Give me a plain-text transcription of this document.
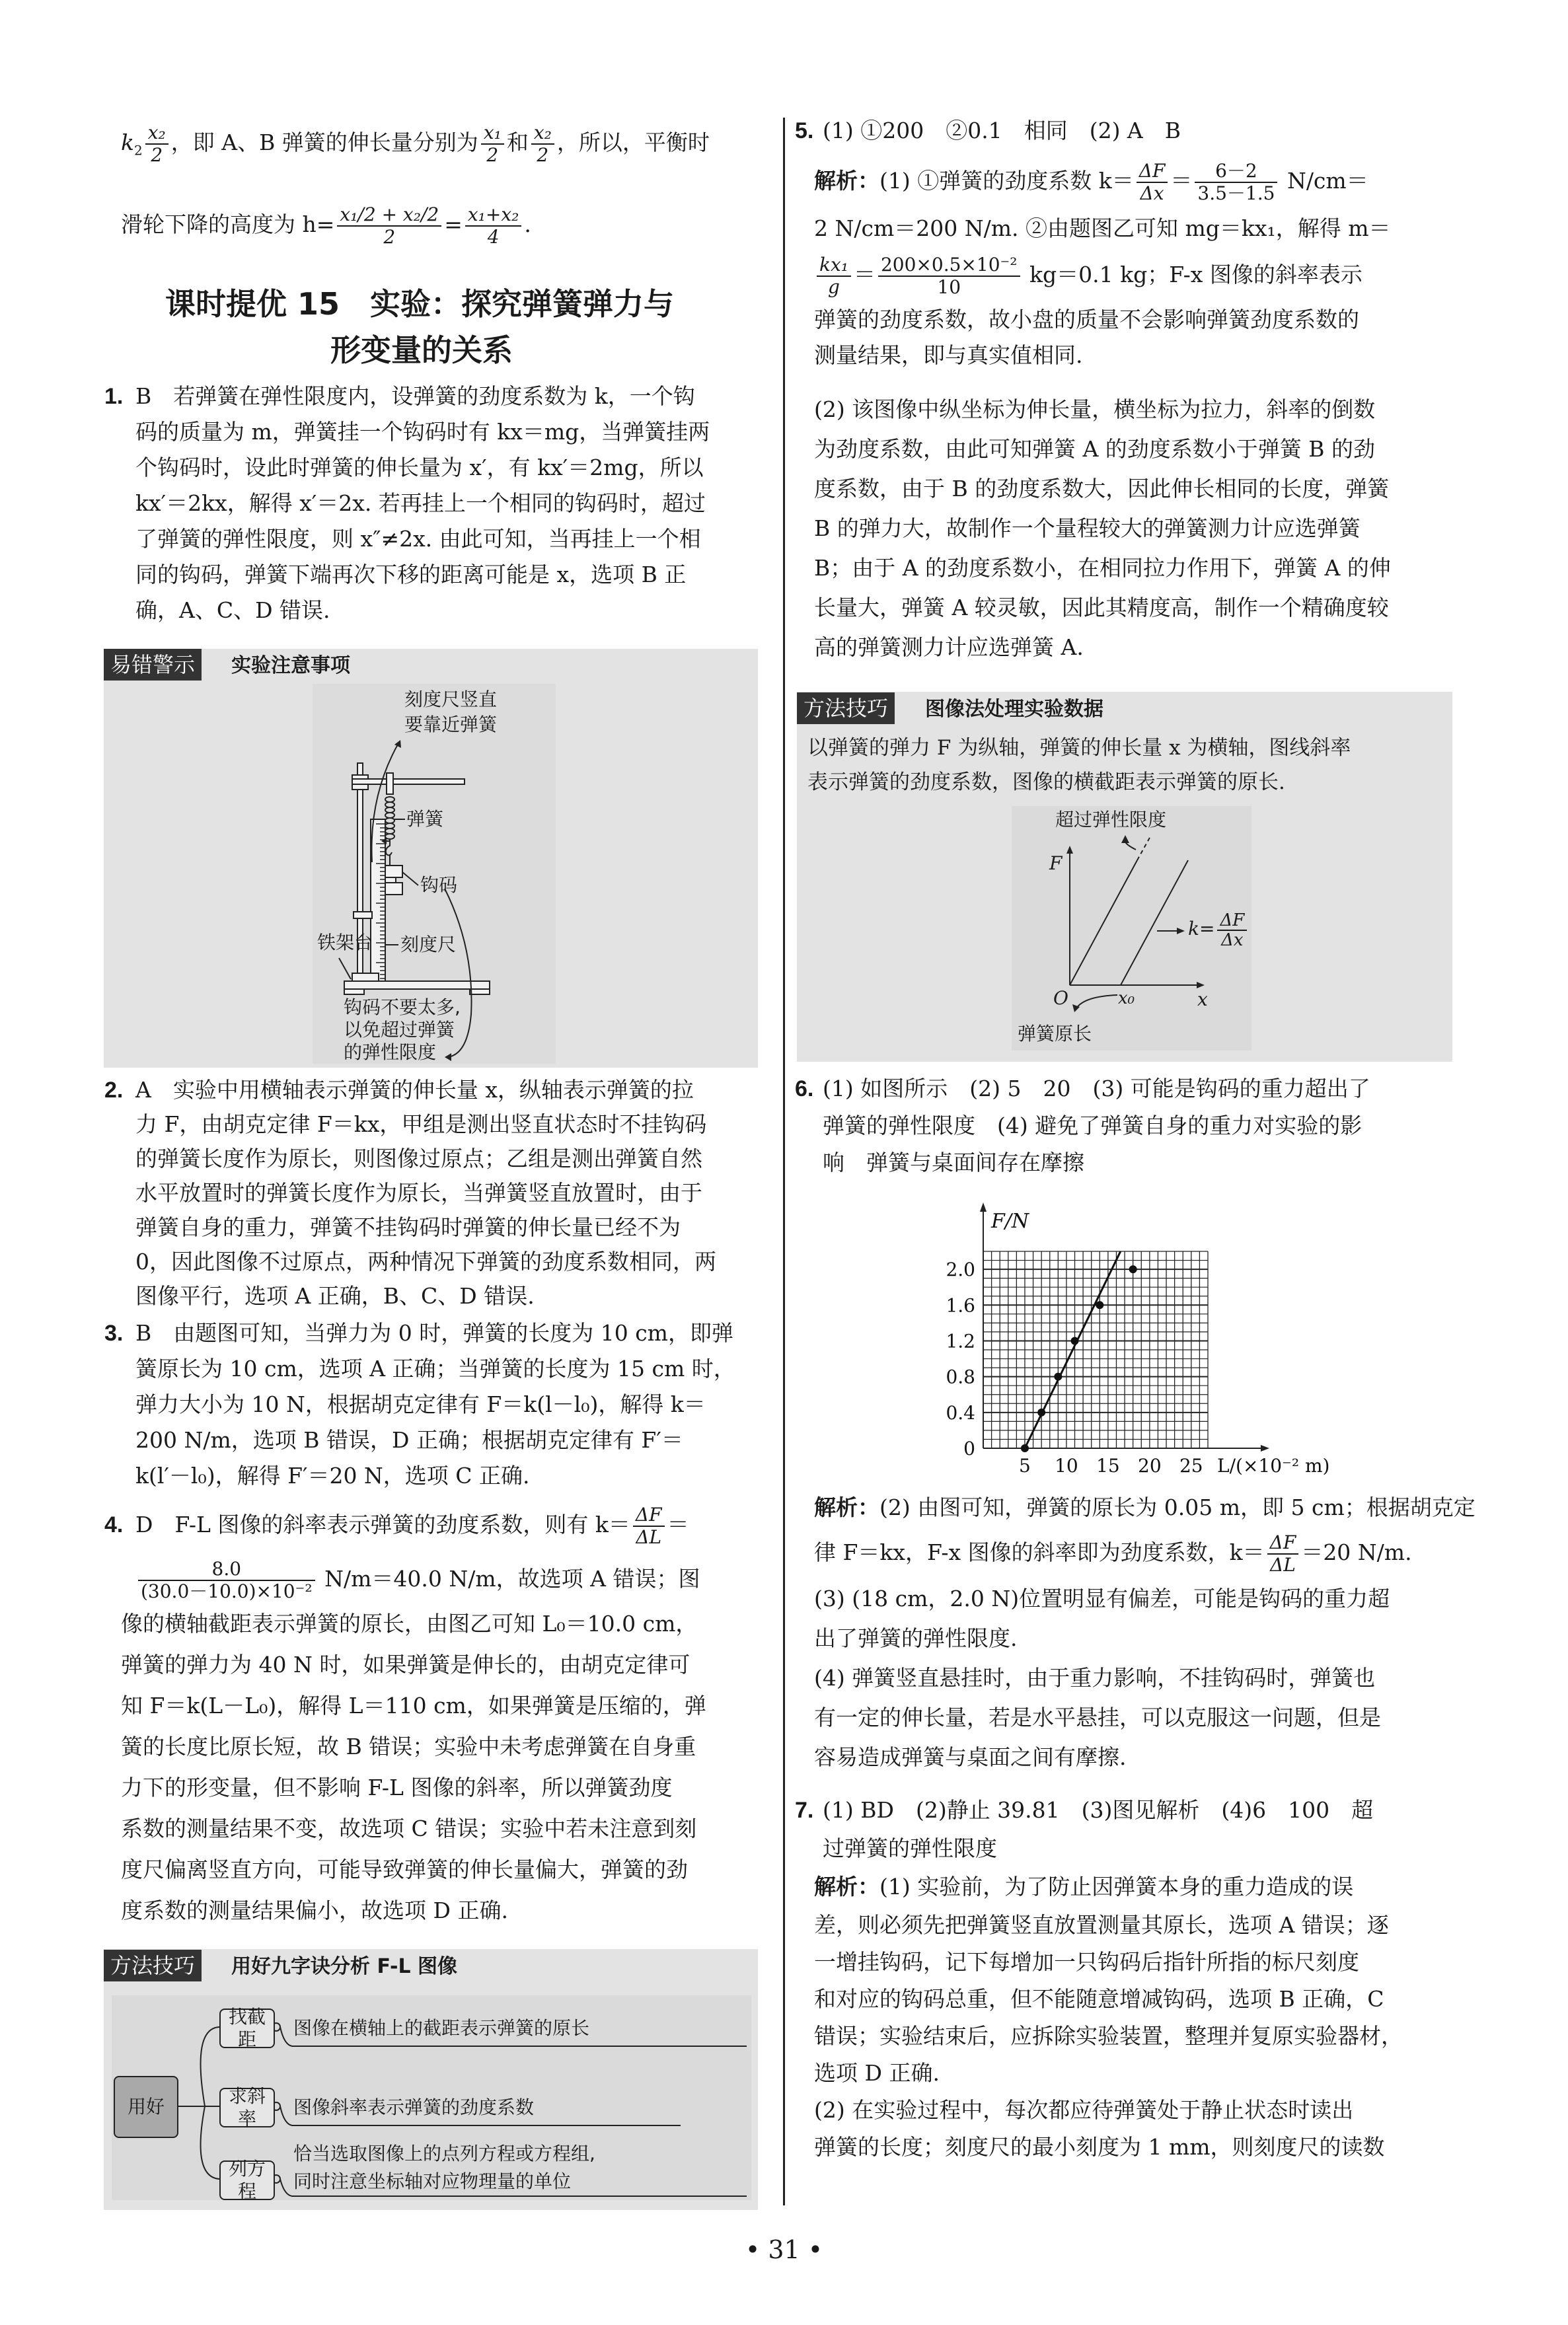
$k_2 \frac{\text{x₂}}{2}$ ，即 A、B 弹簧的伸长量分别为 $\frac{\text{x₁}}{2}$ 和 $\frac{\text{x₂}}{2}$ ，所以，平衡时
滑轮下降的高度为 $h= \frac{\text{x₁/2 + x₂/2}}{2} = \frac{\text{x₁+x₂}}{4}$ .
课时提优 15　实验：探究弹簧弹力与
形变量的关系
1. B　若弹簧在弹性限度内，设弹簧的劲度系数为 k，一个钩
码的质量为 m，弹簧挂一个钩码时有 kx＝mg，当弹簧挂两
个钩码时，设此时弹簧的伸长量为 x′，有 kx′＝2mg，所以
kx′＝2kx，解得 x′＝2x. 若再挂上一个相同的钩码时，超过
了弹簧的弹性限度，则 x″≠2x. 由此可知，当再挂上一个相
同的钩码，弹簧下端再次下移的距离可能是 x，选项 B 正
确，A、C、D 错误.
易错警示	实验注意事项
刻度尺竖直
要靠近弹簧
弹簧
钩码
铁架台 刻度尺
钩码不要太多,
以免超过弹簧
的弹性限度
2. A　实验中用横轴表示弹簧的伸长量 x，纵轴表示弹簧的拉
力 F，由胡克定律 F＝kx，甲组是测出竖直状态时不挂钩码
的弹簧长度作为原长，则图像过原点；乙组是测出弹簧自然
水平放置时的弹簧长度作为原长，当弹簧竖直放置时，由于
弹簧自身的重力，弹簧不挂钩码时弹簧的伸长量已经不为
0，因此图像不过原点，两种情况下弹簧的劲度系数相同，两
图像平行，选项 A 正确，B、C、D 错误.
3. B　由题图可知，当弹力为 0 时，弹簧的长度为 10 cm，即弹
簧原长为 10 cm，选项 A 正确；当弹簧的长度为 15 cm 时，
弹力大小为 10 N，根据胡克定律有 F＝k(l－l₀)，解得 k＝
200 N/m，选项 B 错误，D 正确；根据胡克定律有 F′＝
k(l′－l₀)，解得 F′＝20 N，选项 C 正确.
4. D　F-L 图像的斜率表示弹簧的劲度系数，则有 $k= \frac{\Delta F}{\Delta L}$ ＝
$\frac{8.0}{\text{(30.0－10.0)×10⁻²}} N/m=40.0$ N/m，故选项 A 错误；图
像的横轴截距表示弹簧的原长，由图乙可知 L₀＝10.0 cm，
弹簧的弹力为 40 N 时，如果弹簧是伸长的，由胡克定律可
知 F＝k(L－L₀)，解得 L＝110 cm，如果弹簧是压缩的，弹
簧的长度比原长短，故 B 错误；实验中未考虑弹簧在自身重
力下的形变量，但不影响 F-L 图像的斜率，所以弹簧劲度
系数的测量结果不变，故选项 C 错误；实验中若未注意到刻
度尺偏离竖直方向，可能导致弹簧的伸长量偏大，弹簧的劲
度系数的测量结果偏小，故选项 D 正确.
方法技巧	用好九字诀分析 F-L 图像
用好
找截距
求斜率
列方程
图像在横轴上的截距表示弹簧的原长
图像斜率表示弹簧的劲度系数
恰当选取图像上的点列方程或方程组,
同时注意坐标轴对应物理量的单位
5. (1) ①200　②0.1　相同　(2) A　B
解析：(1) ①弹簧的劲度系数 $k= \frac{\Delta F}{\Delta x} = \frac{6-2}{3.5-1.5} N/cm=$
2 N/cm＝200 N/m. ②由题图乙可知 mg＝kx₁，解得 m＝
$\frac{\text{kx₁}}{g} = \frac{\text{200×0.5×10⁻²}}{10} kg=0.1$ kg；F-x 图像的斜率表示
弹簧的劲度系数，故小盘的质量不会影响弹簧劲度系数的
测量结果，即与真实值相同.
(2) 该图像中纵坐标为伸长量，横坐标为拉力，斜率的倒数
为劲度系数，由此可知弹簧 A 的劲度系数小于弹簧 B 的劲
度系数，由于 B 的劲度系数大，因此伸长相同的长度，弹簧
B 的弹力大，故制作一个量程较大的弹簧测力计应选弹簧
B；由于 A 的劲度系数小，在相同拉力作用下，弹簧 A 的伸
长量大，弹簧 A 较灵敏，因此其精度高，制作一个精确度较
高的弹簧测力计应选弹簧 A.
方法技巧	图像法处理实验数据
以弹簧的弹力 F 为纵轴，弹簧的伸长量 x 为横轴，图线斜率
表示弹簧的劲度系数，图像的横截距表示弹簧的原长.
超过弹性限度
F
x
O	x₀
$k= \frac{\Delta F}{\Delta x}$
弹簧原长
6. (1) 如图所示　(2) 5　20　(3) 可能是钩码的重力超出了
弹簧的弹性限度　(4) 避免了弹簧自身的重力对实验的影
响　弹簧与桌面间存在摩擦
0
0.4
0.8
1.2
1.6
2.0
5 10 15 20 25
F/N
L/(×10⁻² m)
解析：(2) 由图可知，弹簧的原长为 0.05 m，即 5 cm；根据胡克定
律 F＝kx，F-x 图像的斜率即为劲度系数，$k= \frac{\Delta F}{\Delta L} =20$ N/m.
(3) (18 cm，2.0 N)位置明显有偏差，可能是钩码的重力超
出了弹簧的弹性限度.
(4) 弹簧竖直悬挂时，由于重力影响，不挂钩码时，弹簧也
有一定的伸长量，若是水平悬挂，可以克服这一问题，但是
容易造成弹簧与桌面之间有摩擦.
7. (1) BD　(2)静止 39.81　(3)图见解析　(4)6　100　超
过弹簧的弹性限度
解析：(1) 实验前，为了防止因弹簧本身的重力造成的误
差，则必须先把弹簧竖直放置测量其原长，选项 A 错误；逐
一增挂钩码，记下每增加一只钩码后指针所指的标尺刻度
和对应的钩码总重，但不能随意增减钩码，选项 B 正确，C
错误；实验结束后，应拆除实验装置，整理并复原实验器材，
选项 D 正确.
(2) 在实验过程中，每次都应待弹簧处于静止状态时读出
弹簧的长度；刻度尺的最小刻度为 1 mm，则刻度尺的读数
• 31 •
